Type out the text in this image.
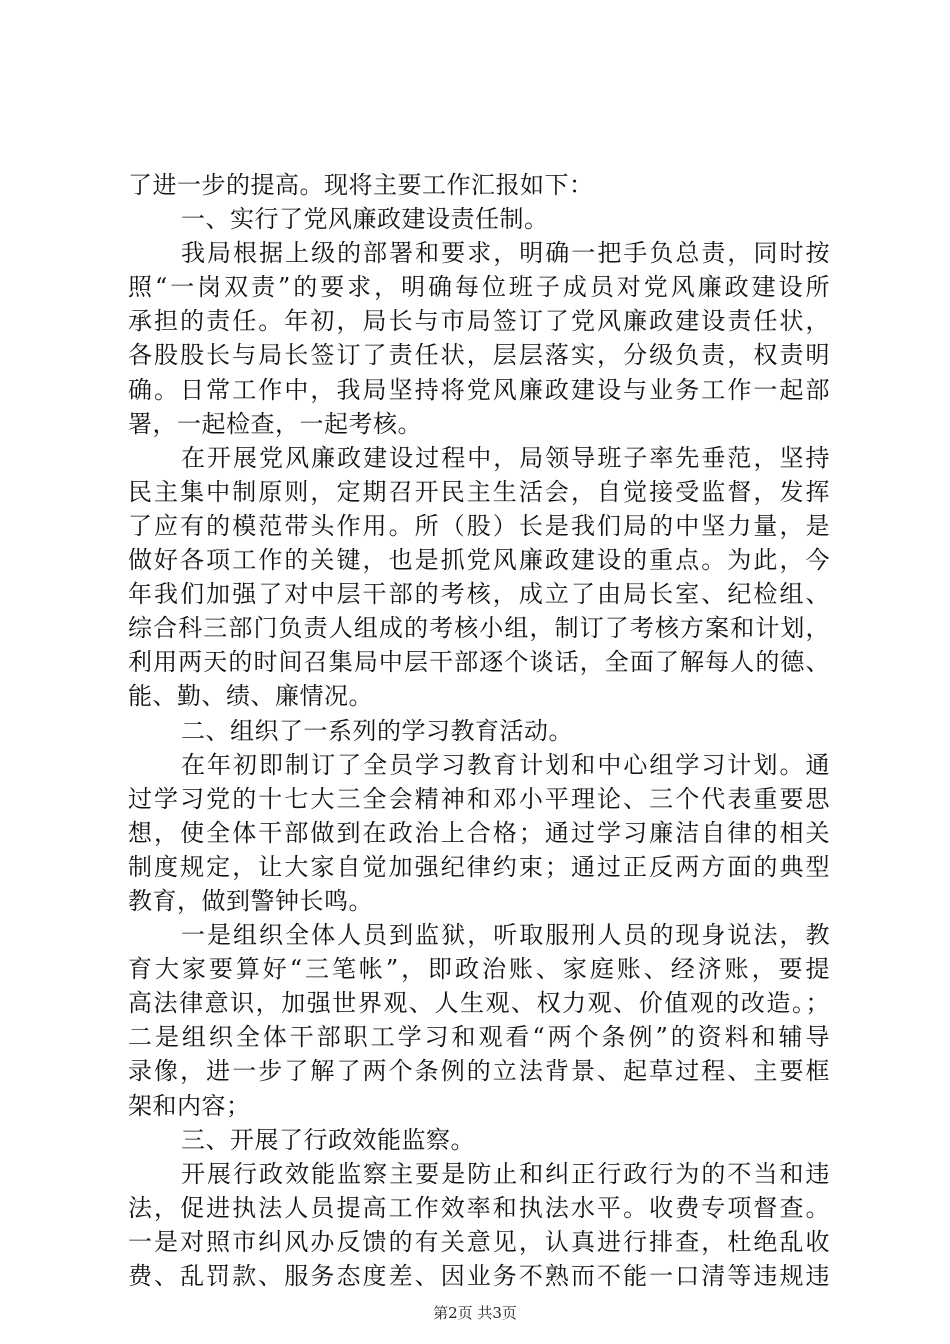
了进一步的提高。现将主要工作汇报如下：
一、实行了党风廉政建设责任制。
我局根据上级的部署和要求，明确一把手负总责，同时按
照“一岗双责”的要求，明确每位班子成员对党风廉政建设所
承担的责任。年初，局长与市局签订了党风廉政建设责任状，
各股股长与局长签订了责任状，层层落实，分级负责，权责明
确。日常工作中，我局坚持将党风廉政建设与业务工作一起部
署，一起检查，一起考核。
在开展党风廉政建设过程中，局领导班子率先垂范，坚持
民主集中制原则，定期召开民主生活会，自觉接受监督，发挥
了应有的模范带头作用。所（股）长是我们局的中坚力量，是
做好各项工作的关键，也是抓党风廉政建设的重点。为此，今
年我们加强了对中层干部的考核，成立了由局长室、纪检组、
综合科三部门负责人组成的考核小组，制订了考核方案和计划，
利用两天的时间召集局中层干部逐个谈话，全面了解每人的德、
能、勤、绩、廉情况。
二、组织了一系列的学习教育活动。
在年初即制订了全员学习教育计划和中心组学习计划。通
过学习党的十七大三全会精神和邓小平理论、三个代表重要思
想，使全体干部做到在政治上合格；通过学习廉洁自律的相关
制度规定，让大家自觉加强纪律约束；通过正反两方面的典型
教育，做到警钟长鸣。
一是组织全体人员到监狱，听取服刑人员的现身说法，教
育大家要算好“三笔帐”，即政治账、家庭账、经济账，要提
高法律意识，加强世界观、人生观、权力观、价值观的改造。；
二是组织全体干部职工学习和观看“两个条例”的资料和辅导
录像，进一步了解了两个条例的立法背景、起草过程、主要框
架和内容；
三、开展了行政效能监察。
开展行政效能监察主要是防止和纠正行政行为的不当和违
法，促进执法人员提高工作效率和执法水平。收费专项督查。
一是对照市纠风办反馈的有关意见，认真进行排查，杜绝乱收
费、乱罚款、服务态度差、因业务不熟而不能一口清等违规违
第2页 共3页
